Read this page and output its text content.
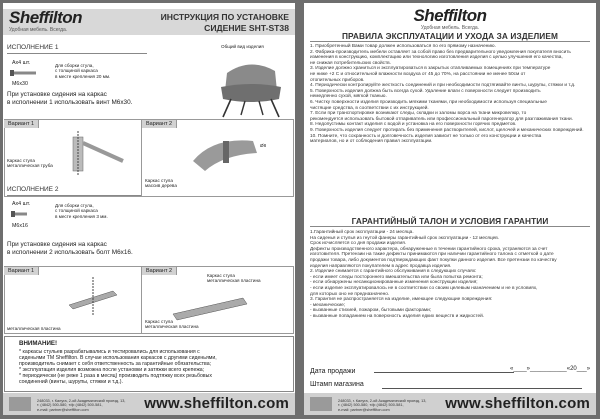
Sheffilton
Удобная мебель. Всегда.
ИНСТРУКЦИЯ ПО УСТАНОВКЕ
СИДЕНИЕ SHT-ST38
ИСПОЛНЕНИЕ 1
Ах4 шт.
М6х30
Для сборки стула,
с толщиной каркаса
в месте крепления 20 мм.
При установке сидения на каркас
в исполнении 1 использовать винт М6х30.
Общий вид изделия
Вариант 1
Каркас стула
металлическая труба
Вариант 2
Ø8
Каркас стула
массив дерева
ИСПОЛНЕНИЕ 2
Ах4 шт.
М6х16
Для сборки стула,
с толщиной каркаса
в месте крепления 3 мм.
При установке сидения на каркас
в исполнении 2 использовать болт М6х16.
Вариант 1
металлическая пластина
Вариант 2
Каркас стула
металлическая пластина
Каркас стула
металлическая пластина
ВНИМАНИЕ!
* каркасы стульев разрабатывались и тестировались для использования с
сиденьями ТМ Sheffilton. В случае использования каркасов с другими сиденьями,
производитель снимает с себя ответственность за гарантийные обязательства;
* эксплуатация изделия возможна после установки и затяжки всего крепежа;
* периодически (не реже 1 раза в месяц) производить подтяжку всех резьбовых
соединений (винты, шурупы, стяжки и т.д.).
248033, г. Калуга, 2-ой Академический проезд, 13,
т. (4842) 500-580, т/ф (4842) 500-581,
e-mail: partner@sheffilton.com	www.sheffilton.com
Sheffilton
Удобная мебель. Всегда.
ПРАВИЛА ЭКСПЛУАТАЦИИ И УХОДА ЗА ИЗДЕЛИЕМ
1. Приобретенный Вами товар должен использоваться по его прямому назначению.
2. Фабрика-производитель мебели оставляет за собой право без предварительного уведомления покупателя вносить
изменения в конструкцию, комплектацию или технологию изготовления изделия с целью улучшения его качества,
не снижая потребительских свойств.
3. Изделие должно храниться и эксплуатироваться в закрытых отапливаемых помещениях при температуре
не ниже +2 С и относительной влажности воздуха от 45 до 70%, на расстоянии не менее 50см от
отопительных приборов.
4. Периодически контролируйте жесткость соединений и при необходимости подтягивайте винты, шурупы, стяжки и т.д.
5. Поверхность изделия должна быть всегда сухой. Удаление влаги с поверхности следует производить
немедленно сухой, мягкой тканью.
6. Чистку поверхности изделия производить мягкими тканями, при необходимости используя специальные
чистящие средства, в соответствии с их инструкцией.
7. Если при транспортировке возникают следы, складки и заломы ворса на ткани микровелюр, то
рекомендуется использовать бытовой отпариватель или профессиональный парогенератор для разглаживания ткани.
8. Недопустимы контакт изделия с водой и установка на его поверхности горячих предметов.
9. Поверхность изделия следует протирать без применения растворителей, кислот, щелочей и механических повреждений.
10. Помните, что сохранность и долговечность изделия зависит не только от его конструкции и качества
материалов, но и от соблюдения правил эксплуатации.
ГАРАНТИЙНЫЙ ТАЛОН И УСЛОВИЯ ГАРАНТИИ
1.Гарантийный срок эксплуатации - 24 месяца.
На сиденья и стулья из гнутой фанеры гарантийный срок эксплуатации - 12 месяцев.
Срок исчисляется со дня продажи изделия.
Дефекты производственного характера, обнаруженные в течении гарантийного срока, устраняются за счет
изготовителя. Претензии на такие дефекты принимаются при наличии гарантийного талона с отметкой о дате
продажи товара, либо документов подтверждающих факт покупки данного изделия. Все претензии по качеству
изделия направляются покупателем в адрес продавца изделия.
2. Изделие снимается с гарантийного обслуживания в следующих случаях:
- если имеет следы постороннего вмешательства или была попытка ремонта;
- если обнаружены несанкционированные изменения конструкции изделия;
- если изделие эксплуатировалось не в соответствии со своим целевым назначением и не в условиях,
для которых оно не предназначено.
3. Гарантия не распространяется на изделие, имеющее следующие повреждения:
- механические;
- вызванные стихией, пожаром, бытовыми факторами;
- вызванные попаданием на поверхность изделия едких веществ и жидкостей.
Дата продажи	«____»___________«20___»
Штамп магазина
248033, г. Калуга, 2-ой Академический проезд, 13,
т. (4842) 500-580, т/ф (4842) 500-581,
e-mail: partner@sheffilton.com	www.sheffilton.com
